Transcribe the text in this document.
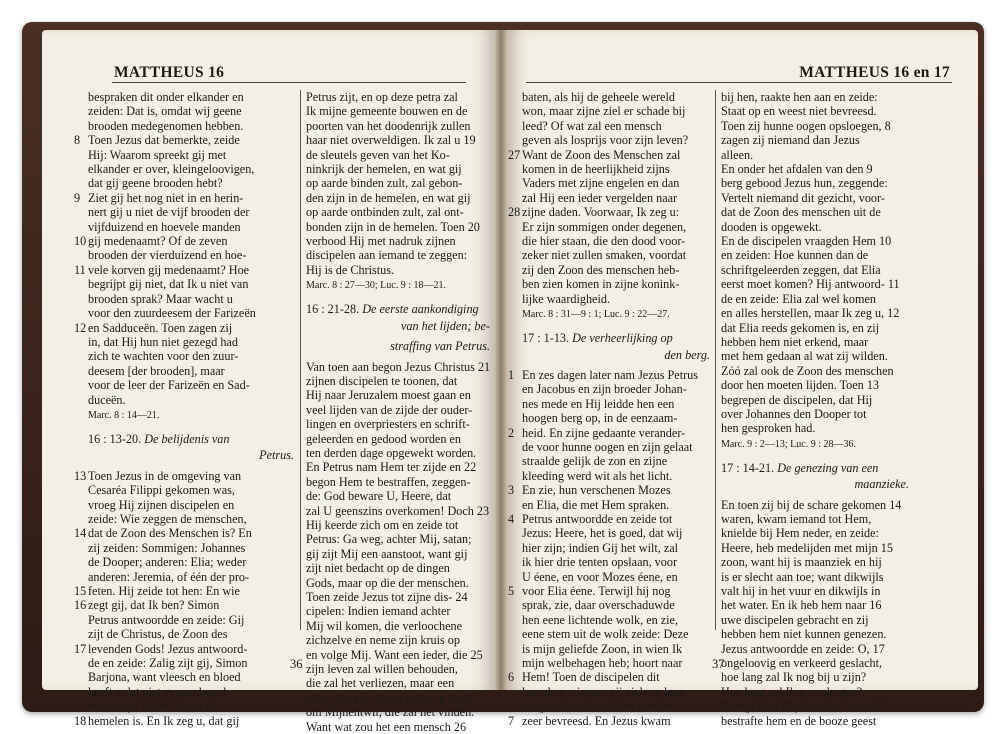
MATTHEUS 16
bespraken dit onder elkander en
zeiden: Dat is, omdat wij geene
brooden medegenomen hebben.
8 Toen Jezus dat bemerkte, zeide
Hij: Waarom spreekt gij met
elkander er over, kleingeloovigen,
dat gij geene brooden hebt?
9 Ziet gij het nog niet in en herin-
nert gij u niet de vijf brooden der
vijfduizend en hoevele manden
10 gij medenaamt? Of de zeven
brooden der vierduizend en hoe-
11 vele korven gij medenaamt? Hoe
begrijpt gij niet, dat Ik u niet van
brooden sprak? Maar wacht u
voor den zuurdeesem der Farizeën
12 en Sadduceën. Toen zagen zij
in, dat Hij hun niet gezegd had
zich te wachten voor den zuur-
deesem [der brooden], maar
voor de leer der Farizeën en Sad-
duceën.
Marc. 8 : 14—21.
16 : 13-20. De belijdenis van
Petrus.
13 Toen Jezus in de omgeving van
Cesaréa Filippi gekomen was,
vroeg Hij zijnen discipelen en
zeide: Wie zeggen de menschen,
14 dat de Zoon des Menschen is? En
zij zeiden: Sommigen: Johannes
de Dooper; anderen: Elia; weder
anderen: Jeremia, of één der pro-
15 feten. Hij zeide tot hen: En wie
16 zegt gij, dat Ik ben? Simon
Petrus antwoordde en zeide: Gij
zijt de Christus, de Zoon des
17 levenden Gods! Jezus antwoord-
de en zeide: Zalig zijt gij, Simon
Barjona, want vleesch en bloed
heeft u dat niet geopenbaard,
maar mijn Vader, die in de
18 hemelen is. En Ik zeg u, dat gij
Petrus zijt, en op deze petra zal
Ik mijne gemeente bouwen en de
poorten van het doodenrijk zullen
haar niet overweldigen. Ik zal u 19
de sleutels geven van het Ko-
ninkrijk der hemelen, en wat gij
op aarde binden zult, zal gebon-
den zijn in de hemelen, en wat gij
op aarde ontbinden zult, zal ont-
bonden zijn in de hemelen. Toen 20
verbood Hij met nadruk zijnen
discipelen aan iemand te zeggen:
Hij is de Christus.
Marc. 8 : 27—30; Luc. 9 : 18—21.
16 : 21-28. De eerste aankondiging
van het lijden; be-
straffing van Petrus.
Van toen aan begon Jezus Christus 21
zijnen discipelen te toonen, dat
Hij naar Jeruzalem moest gaan en
veel lijden van de zijde der ouder-
lingen en overpriesters en schrift-
geleerden en gedood worden en
ten derden dage opgewekt worden.
En Petrus nam Hem ter zijde en 22
begon Hem te bestraffen, zeggen-
de: God beware U, Heere, dat
zal U geenszins overkomen! Doch 23
Hij keerde zich om en zeide tot
Petrus: Ga weg, achter Mij, satan;
gij zijt Mij een aanstoot, want gij
zijt niet bedacht op de dingen
Gods, maar op die der menschen.
Toen zeide Jezus tot zijne dis- 24
cipelen: Indien iemand achter
Mij wil komen, die verloochene
zichzelve en neme zijn kruis op
en volge Mij. Want een ieder, die 25
zijn leven zal willen behouden,
die zal het verliezen, maar een
ieder, die zijn leven verloren heeft
om Mijnentwil, die zal het vinden.
Want wat zou het een mensch 26
36
MATTHEUS 16 en 17
baten, als hij de geheele wereld
won, maar zijne ziel er schade bij
leed? Of wat zal een mensch
geven als losprijs voor zijn leven?
27 Want de Zoon des Menschen zal
komen in de heerlijkheid zijns
Vaders met zijne engelen en dan
zal Hij een ieder vergelden naar
28 zijne daden. Voorwaar, Ik zeg u:
Er zijn sommigen onder degenen,
die hier staan, die den dood voor-
zeker niet zullen smaken, voordat
zij den Zoon des menschen heb-
ben zien komen in zijne konink-
lijke waardigheid.
Marc. 8 : 31—9 : 1; Luc. 9 : 22—27.
17 : 1-13. De verheerlijking op
den berg.
1 En zes dagen later nam Jezus Petrus
en Jacobus en zijn broeder Johan-
nes mede en Hij leidde hen een
hoogen berg op, in de eenzaam-
2 heid. En zijne gedaante verander-
de voor hunne oogen en zijn gelaat
straalde gelijk de zon en zijne
kleeding werd wit als het licht.
3 En zie, hun verschenen Mozes
en Elia, die met Hem spraken.
4 Petrus antwoordde en zeide tot
Jezus: Heere, het is goed, dat wij
hier zijn; indien Gij het wilt, zal
ik hier drie tenten opslaan, voor
U éene, en voor Mozes éene, en
5 voor Elia éene. Terwijl hij nog
sprak, zie, daar overschaduwde
hen eene lichtende wolk, en zie,
eene stem uit de wolk zeide: Deze
is mijn geliefde Zoon, in wien Ik
mijn welbehagen heb; hoort naar
6 Hem! Toen de discipelen dit
hoorden, wierpen zij zich op hun
aangezicht ter aarde en werden
7 zeer bevreesd. En Jezus kwam
bij hen, raakte hen aan en zeide:
Staat op en weest niet bevreesd.
Toen zij hunne oogen opsloegen, 8
zagen zij niemand dan Jezus
alleen.
En onder het afdalen van den 9
berg gebood Jezus hun, zeggende:
Vertelt niemand dit gezicht, voor-
dat de Zoon des menschen uit de
dooden is opgewekt.
En de discipelen vraagden Hem 10
en zeiden: Hoe kunnen dan de
schriftgeleerden zeggen, dat Elia
eerst moet komen? Hij antwoord- 11
de en zeide: Elia zal wel komen
en alles herstellen, maar Ik zeg u, 12
dat Elia reeds gekomen is, en zij
hebben hem niet erkend, maar
met hem gedaan al wat zij wilden.
Zóó zal ook de Zoon des menschen
door hen moeten lijden. Toen 13
begrepen de discipelen, dat Hij
over Johannes den Dooper tot
hen gesproken had.
Marc. 9 : 2—13; Luc. 9 : 28—36.
17 : 14-21. De genezing van een
maanzieke.
En toen zij bij de schare gekomen 14
waren, kwam iemand tot Hem,
knielde bij Hem neder, en zeide:
Heere, heb medelijden met mijn 15
zoon, want hij is maanziek en hij
is er slecht aan toe; want dikwijls
valt hij in het vuur en dikwijls in
het water. En ik heb hem naar 16
uwe discipelen gebracht en zij
hebben hem niet kunnen genezen.
Jezus antwoordde en zeide: O, 17
ongeloovig en verkeerd geslacht,
hoe lang zal Ik nog bij u zijn?
Hoe lang zal Ik u verdragen?
Brengt hem Mij hier. En Jezus 18
bestrafte hem en de booze geest
37
